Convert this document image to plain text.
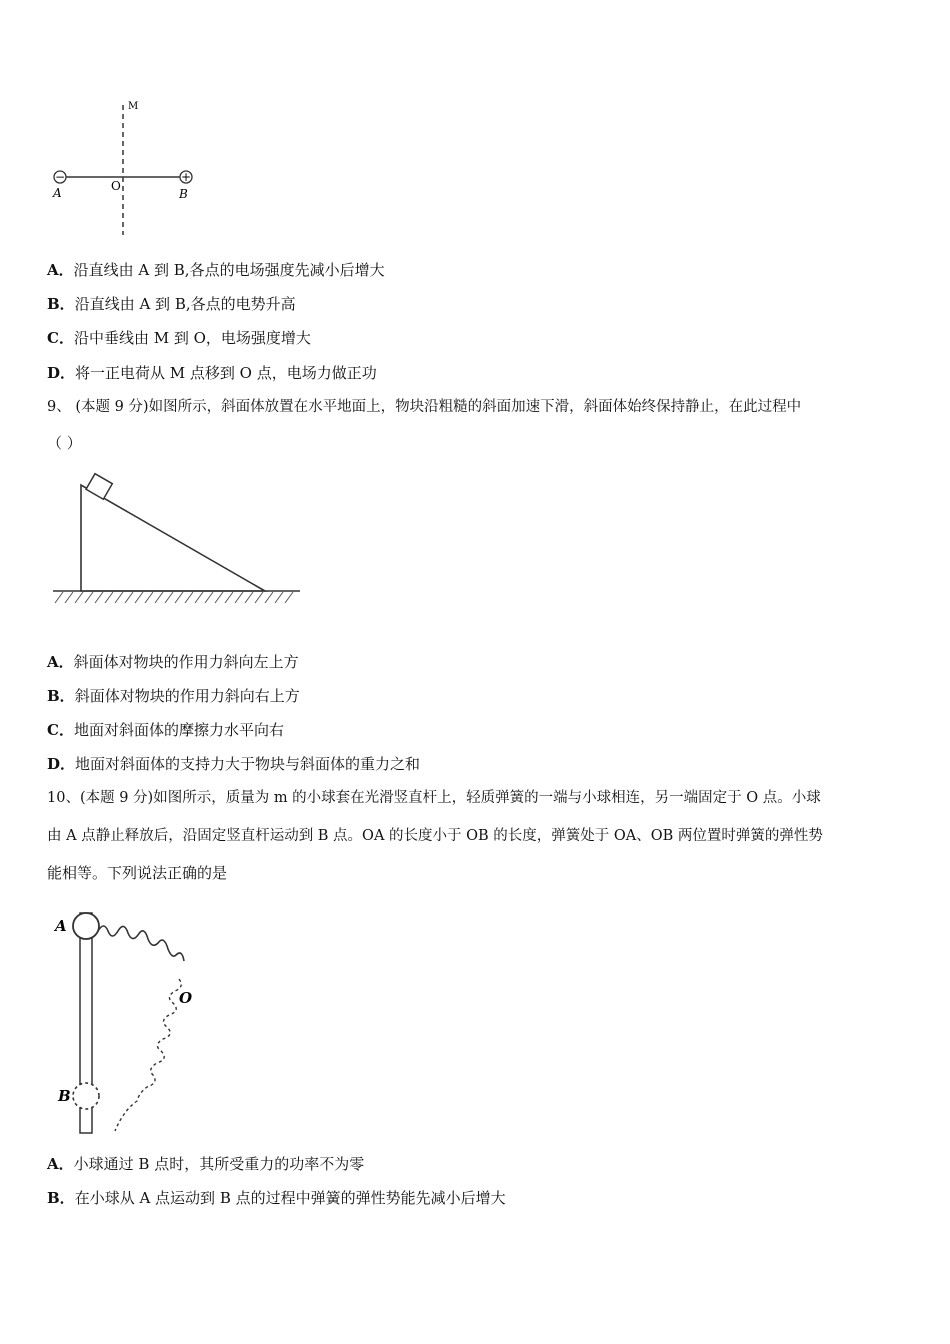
−	+
M
O
A	B
A．沿直线由 A 到 B,各点的电场强度先减小后增大
B．沿直线由 A 到 B,各点的电势升高
C．沿中垂线由 M 到 O，电场强度增大
D．将一正电荷从 M 点移到 O 点，电场力做正功
9、 (本题 9 分)如图所示，斜面体放置在水平地面上，物块沿粗糙的斜面加速下滑，斜面体始终保持静止，在此过程中
（ ）
A．斜面体对物块的作用力斜向左上方
B．斜面体对物块的作用力斜向右上方
C．地面对斜面体的摩擦力水平向右
D．地面对斜面体的支持力大于物块与斜面体的重力之和
10、(本题 9 分)如图所示，质量为 m 的小球套在光滑竖直杆上，轻质弹簧的一端与小球相连，另一端固定于 O 点。小球
由 A 点静止释放后，沿固定竖直杆运动到 B 点。OA 的长度小于 OB 的长度，弹簧处于 OA、OB 两位置时弹簧的弹性势
能相等。下列说法正确的是
A
O
B
A．小球通过 B 点时，其所受重力的功率不为零
B．在小球从 A 点运动到 B 点的过程中弹簧的弹性势能先减小后增大
